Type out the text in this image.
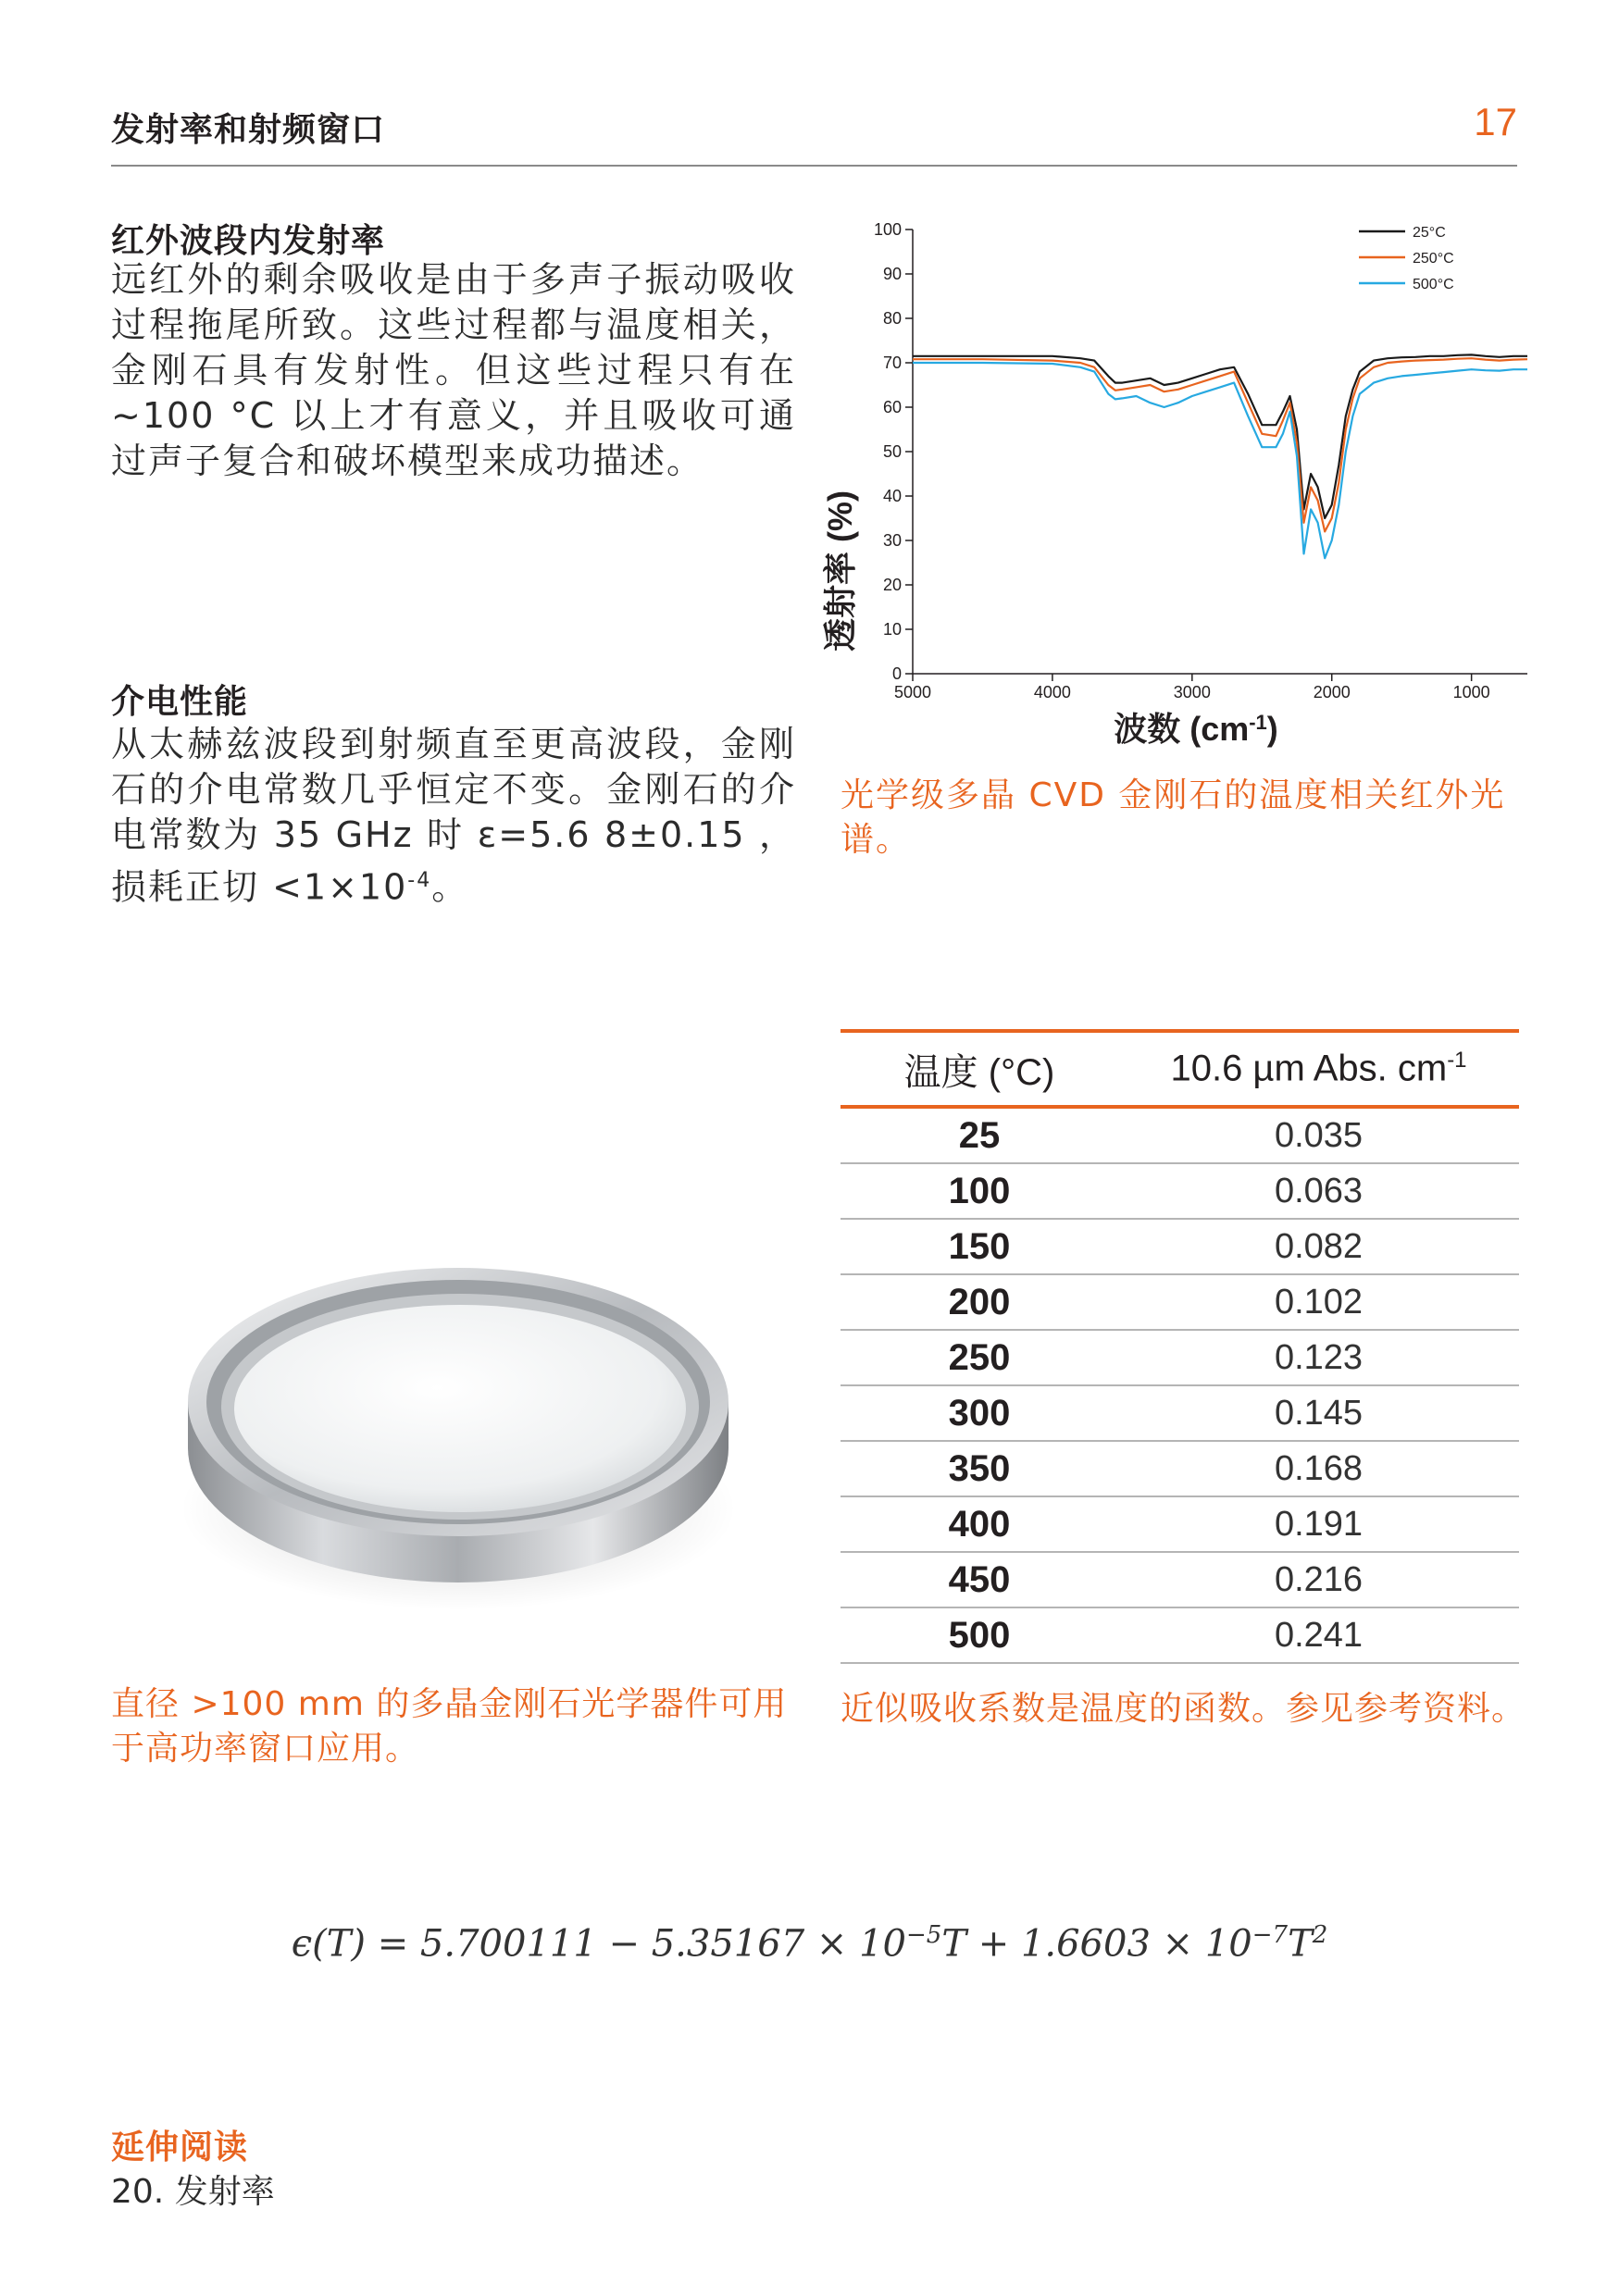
发射率和射频窗口	17
红外波段内发射率
远红外的剩余吸收是由于多声子振动吸收过程拖尾所致。这些过程都与温度相关，金刚石具有发射性。但这些过程只有在 ~100 °C 以上才有意义，并且吸收可通过声子复合和破坏模型来成功描述。
介电性能
从太赫兹波段到射频直至更高波段，金刚石的介电常数几乎恒定不变。金刚石的介电常数为 35 GHz 时 ε=5.6 8±0.15 ，损耗正切 $<1\times 10^{-4}$。
0
10
20
30
40
50
60
70
80
90
100
5000	4000	3000	2000	1000
25°C
250°C
500°C
透射率 (%)
波数 $(cm^{-1})$
光学级多晶 CVD 金刚石的温度相关红外光谱。
温度 (°C)	10.6 µm Abs. $cm^{-1}$
25	0.035
100	0.063
150	0.082
200	0.102
250	0.123
300	0.145
350	0.168
400	0.191
450	0.216
500	0.241
近似吸收系数是温度的函数。参见参考资料。
直径 >100 mm 的多晶金刚石光学器件可用于高功率窗口应用。
$\epsilon(T) = 5.700111 - 5.35167 \times 10^{-5}T + 1.6603 \times 10^{-7}T^2$
延伸阅读
20. 发射率
